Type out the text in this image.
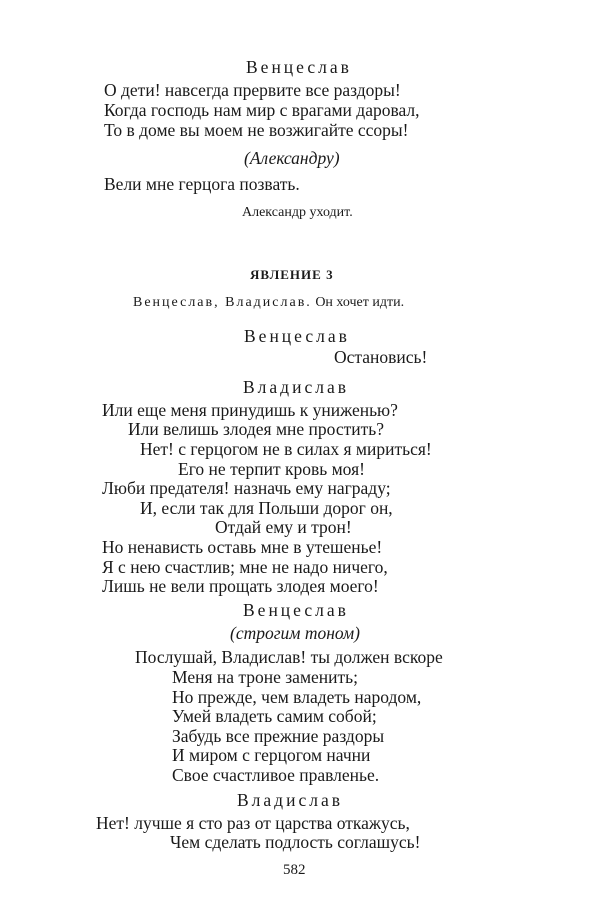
Венцеслав
О дети! навсегда прервите все раздоры!
Когда господь нам мир с врагами даровал,
То в доме вы моем не возжигайте ссоры!
(Александру)
Вели мне герцога позвать.
Александр уходит.
ЯВЛЕНИЕ 3
Венцеслав, Владислав. Он хочет идти.
Венцеслав
Остановись!
Владислав
Или еще меня принудишь к униженью?
Или велишь злодея мне простить?
Нет! с герцогом не в силах я мириться!
Его не терпит кровь моя!
Люби предателя! назначь ему награду;
И, если так для Польши дорог он,
Отдай ему и трон!
Но ненависть оставь мне в утешенье!
Я с нею счастлив; мне не надо ничего,
Лишь не вели прощать злодея моего!
Венцеслав
(строгим тоном)
Послушай, Владислав! ты должен вскоре
Меня на троне заменить;
Но прежде, чем владеть народом,
Умей владеть самим собой;
Забудь все прежние раздоры
И миром с герцогом начни
Свое счастливое правленье.
Владислав
Нет! лучше я сто раз от царства откажусь,
Чем сделать подлость соглашусь!
582
